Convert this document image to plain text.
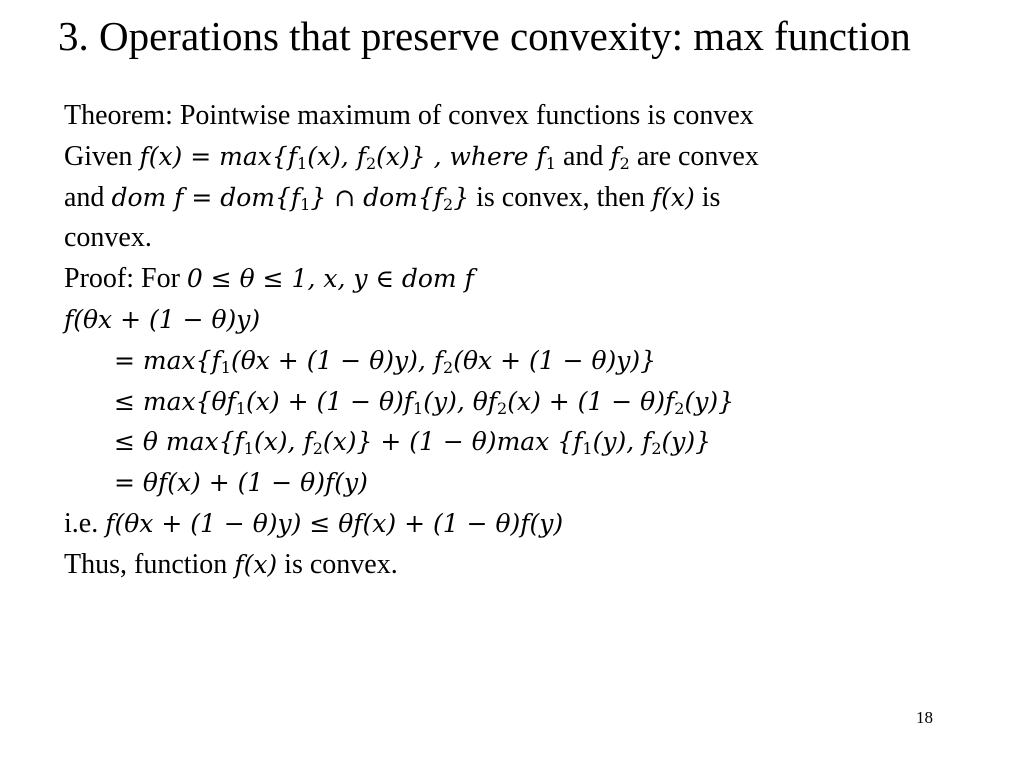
3. Operations that preserve convexity: max function
Theorem: Pointwise maximum of convex functions is convex
Given $f(x) = \max\{f_1(x)$, $f_2(x)$} , where $f_1$ and $f_2$ are convex
and dom $f = dom\{f_1\}$ ∩ $dom\{f_2\}$ is convex, then f(x) is
convex.
Proof: For 0 ≤ θ ≤ 1, x, y ∈ dom f
f(θx + (1 − θ)y)
= $\max\{f_1(\theta x + (1 - \theta)y)$, $f_2(\theta x + (1 - \theta)y)$}
≤ $\max\{\theta f_1(x) + (1 - \theta)f_1(y)$, $\theta f_2(x) + (1 - \theta)f_2(y)$}
≤ θ $\max\{f_1(x)$, $f_2(x)\} + (1 - \theta)\max$ {$f_1(y)$, $f_2(y)$}
= θf(x) + (1 − θ)f(y)
i.e. f(θx + (1 − θ)y) ≤ θf(x) + (1 − θ)f(y)
Thus, function f(x) is convex.
18
